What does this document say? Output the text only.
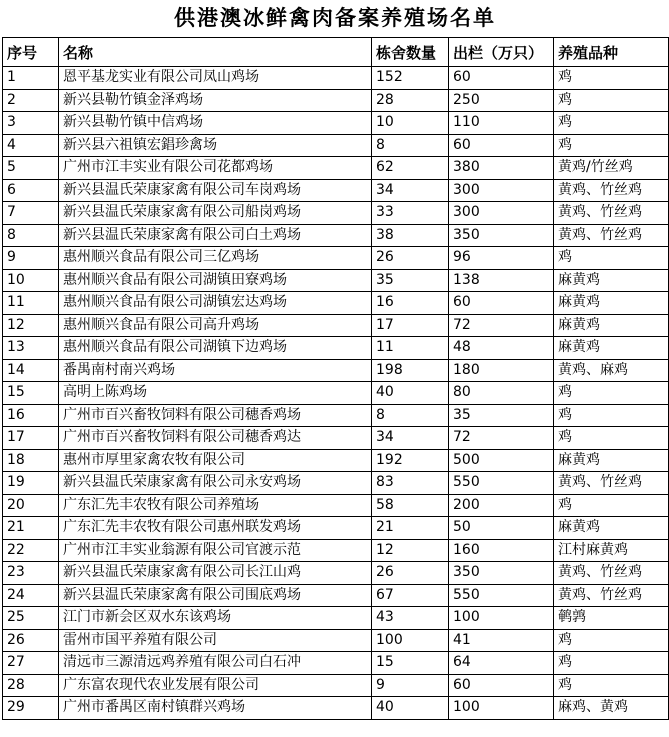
供港澳冰鲜禽肉备案养殖场名单
序号	名称	栋舍数量	出栏（万只）	养殖品种
1	恩平基龙实业有限公司凤山鸡场	152	60	鸡
2	新兴县勒竹镇金泽鸡场	28	250	鸡
3	新兴县勒竹镇中信鸡场	10	110	鸡
4	新兴县六祖镇宏錩珍禽场	8	60	鸡
5	广州市江丰实业有限公司花都鸡场	62	380	黄鸡/竹丝鸡
6	新兴县温氏荣康家禽有限公司车岗鸡场	34	300	黄鸡、竹丝鸡
7	新兴县温氏荣康家禽有限公司船岗鸡场	33	300	黄鸡、竹丝鸡
8	新兴县温氏荣康家禽有限公司白土鸡场	38	350	黄鸡、竹丝鸡
9	惠州顺兴食品有限公司三亿鸡场	26	96	鸡
10	惠州顺兴食品有限公司湖镇田寮鸡场	35	138	麻黄鸡
11	惠州顺兴食品有限公司湖镇宏达鸡场	16	60	麻黄鸡
12	惠州顺兴食品有限公司高升鸡场	17	72	麻黄鸡
13	惠州顺兴食品有限公司湖镇下边鸡场	11	48	麻黄鸡
14	番禺南村南兴鸡场	198	180	黄鸡、麻鸡
15	高明上陈鸡场	40	80	鸡
16	广州市百兴畜牧饲料有限公司穗香鸡场	8	35	鸡
17	广州市百兴畜牧饲料有限公司穗香鸡达	34	72	鸡
18	惠州市厚里家禽农牧有限公司	192	500	麻黄鸡
19	新兴县温氏荣康家禽有限公司永安鸡场	83	550	黄鸡、竹丝鸡
20	广东汇先丰农牧有限公司养殖场	58	200	鸡
21	广东汇先丰农牧有限公司惠州联发鸡场	21	50	麻黄鸡
22	广州市江丰实业翁源有限公司官渡示范	12	160	江村麻黄鸡
23	新兴县温氏荣康家禽有限公司长江山鸡	26	350	黄鸡、竹丝鸡
24	新兴县温氏荣康家禽有限公司围底鸡场	67	550	黄鸡、竹丝鸡
25	江门市新会区双水东该鸡场	43	100	鹌鹑
26	雷州市国平养殖有限公司	100	41	鸡
27	清远市三源清远鸡养殖有限公司白石冲	15	64	鸡
28	广东富农现代农业发展有限公司	9	60	鸡
29	广州市番禺区南村镇群兴鸡场	40	100	麻鸡、黄鸡
